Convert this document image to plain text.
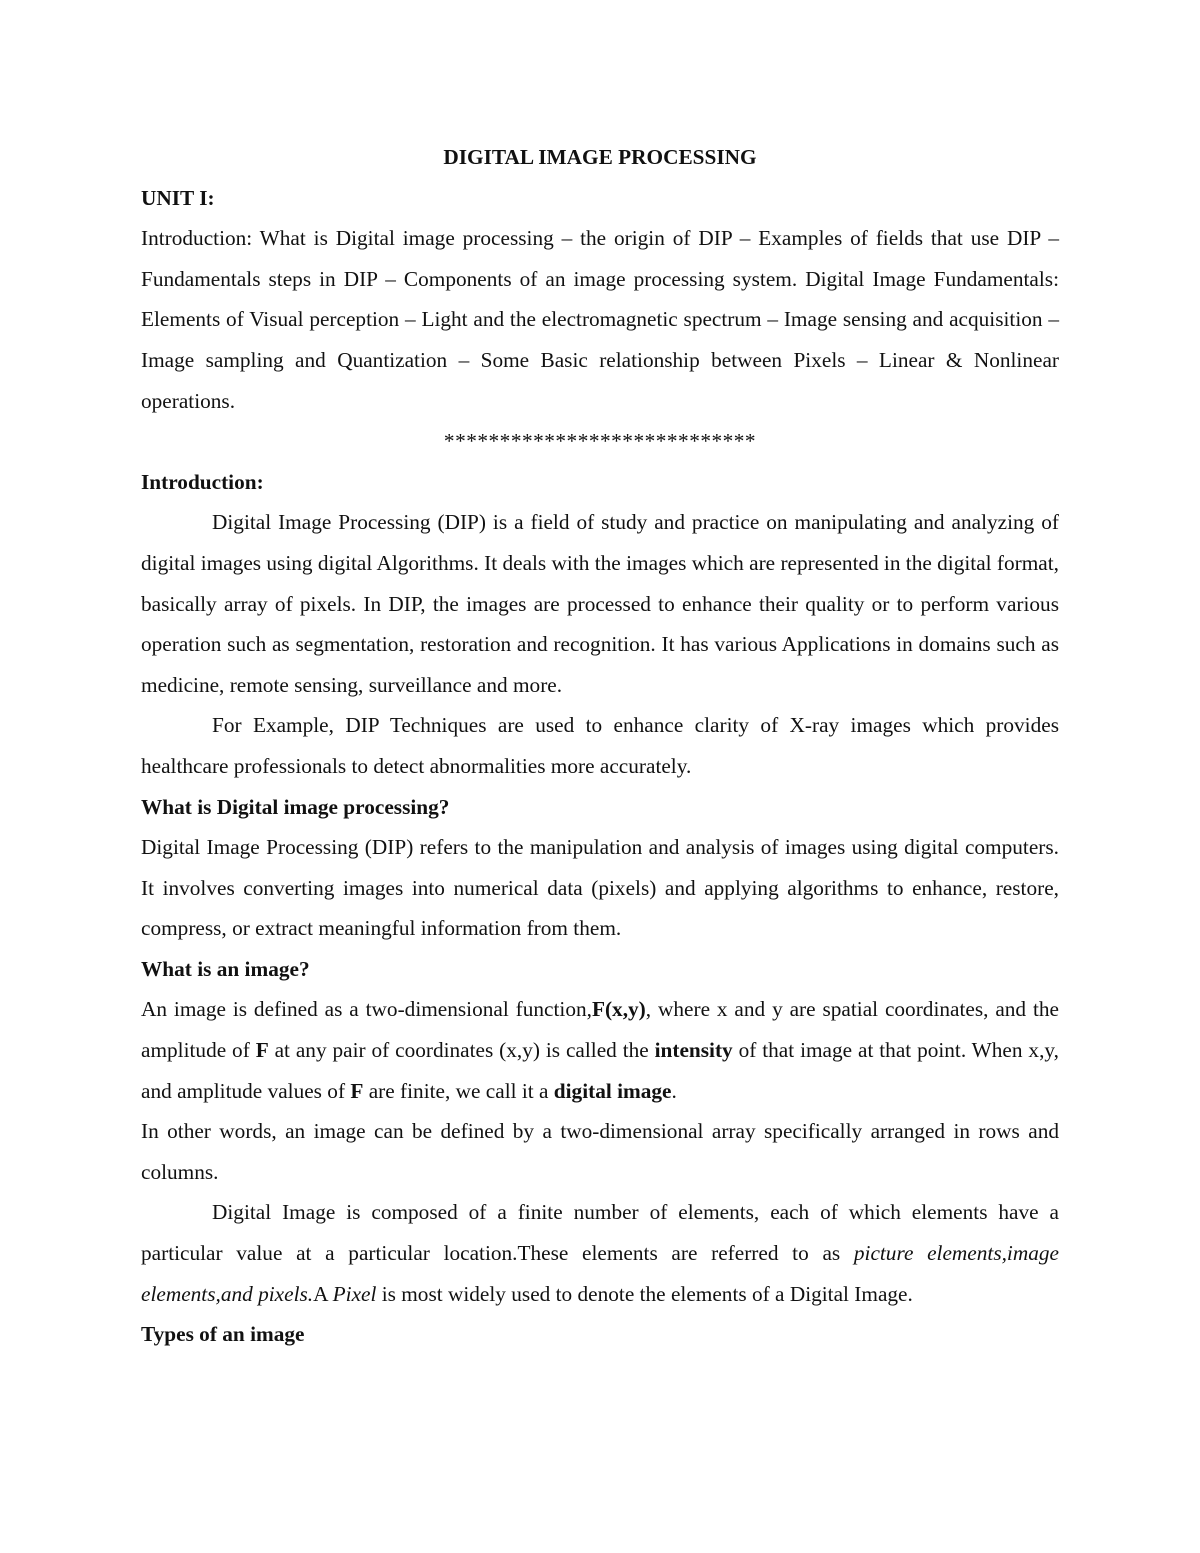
DIGITAL IMAGE PROCESSING
UNIT I:

Introduction: What is Digital image processing – the origin of DIP – Examples of fields that use DIP – Fundamentals steps in DIP – Components of an image processing system. Digital Image Fundamentals: Elements of Visual perception – Light and the electromagnetic spectrum – Image sensing and acquisition – Image sampling and Quantization – Some Basic relationship between Pixels – Linear & Nonlinear operations.

****************************
Introduction:

Digital Image Processing (DIP) is a field of study and practice on manipulating and analyzing of digital images using digital Algorithms. It deals with the images which are represented in the digital format, basically array of pixels. In DIP, the images are processed to enhance their quality or to perform various operation such as segmentation, restoration and recognition. It has various Applications in domains such as medicine, remote sensing, surveillance and more.

For Example, DIP Techniques are used to enhance clarity of X-ray images which provides healthcare professionals to detect abnormalities more accurately.

What is Digital image processing?

Digital Image Processing (DIP) refers to the manipulation and analysis of images using digital computers. It involves converting images into numerical data (pixels) and applying algorithms to enhance, restore, compress, or extract meaningful information from them.

What is an image?

An image is defined as a two-dimensional function,F(x,y), where x and y are spatial coordinates, and the amplitude of F at any pair of coordinates (x,y) is called the intensity of that image at that point. When x,y, and amplitude values of F are finite, we call it a digital image.

In other words, an image can be defined by a two-dimensional array specifically arranged in rows and columns.

Digital Image is composed of a finite number of elements, each of which elements have a particular value at a particular location.These elements are referred to as picture elements,image elements,and pixels.A Pixel is most widely used to denote the elements of a Digital Image.

Types of an image
